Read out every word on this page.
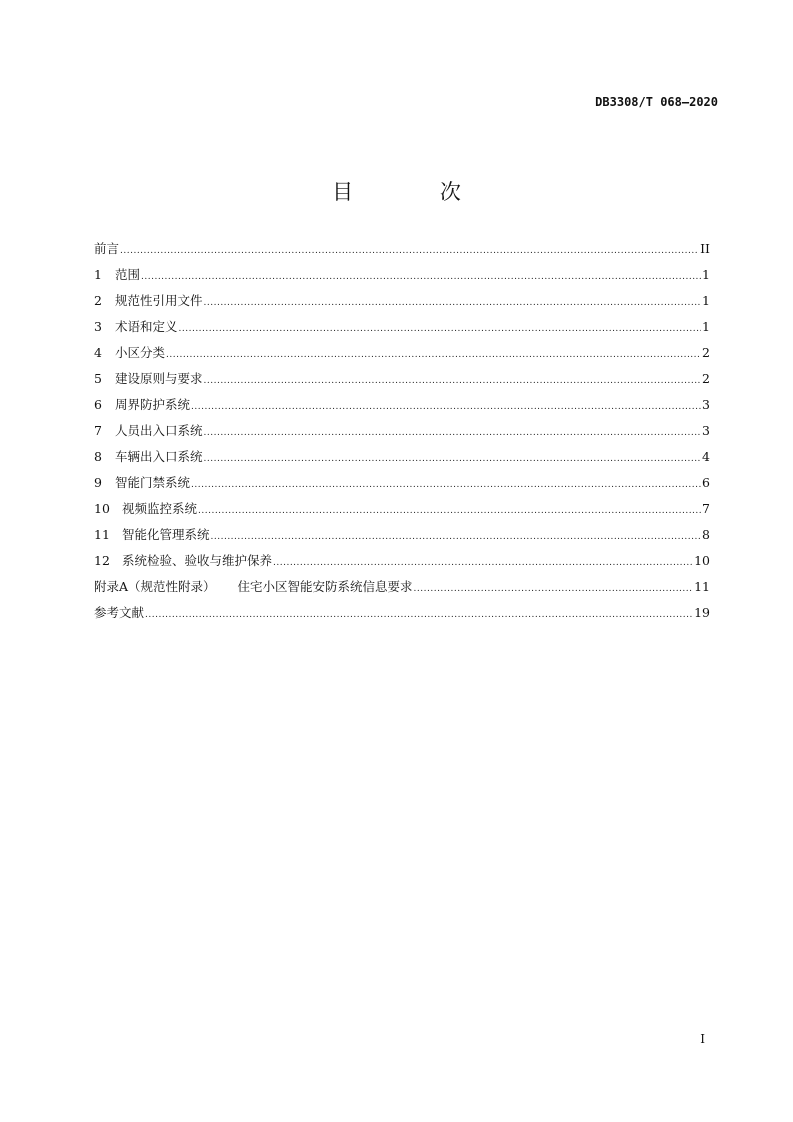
DB3308/T 068—2020
目 次
前言 .....	II
1	范围 .....	1
2	规范性引用文件 .....	1
3	术语和定义 .....	1
4	小区分类 .....	2
5	建设原则与要求 .....	2
6	周界防护系统 .....	3
7	人员出入口系统 .....	3
8	车辆出入口系统 .....	4
9	智能门禁系统 .....	6
10 视频监控系统 .....	7
11 智能化管理系统 .....	8
12 系统检验、验收与维护保养 .....	10
附录A（规范性附录） 住宅小区智能安防系统信息要求 .....	11
参考文献 .....	19
I
